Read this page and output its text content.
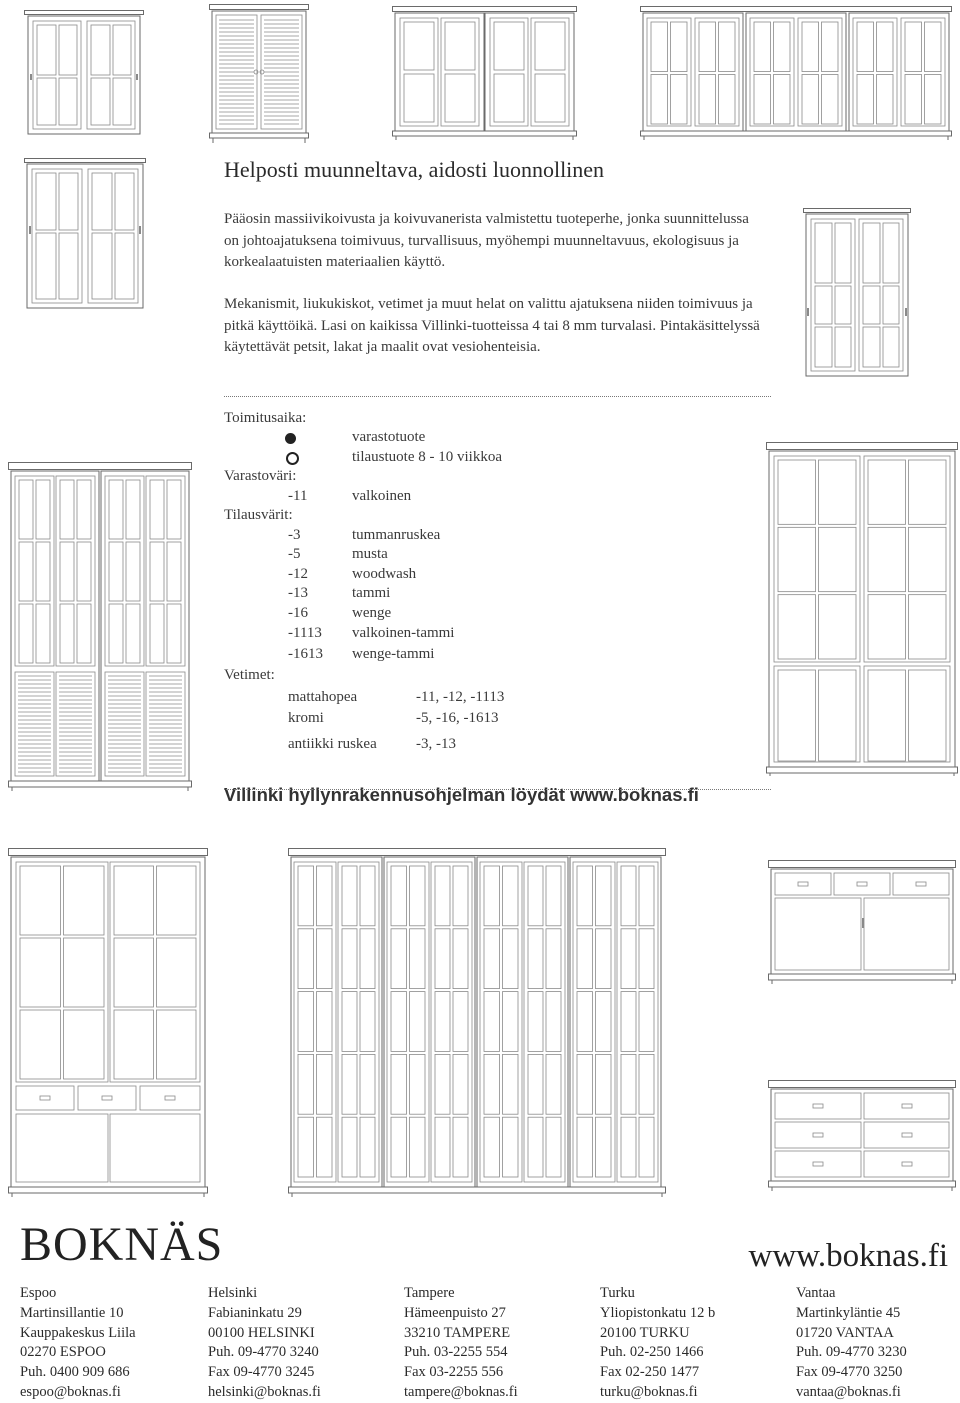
Helposti muunneltava, aidosti luonnollinen
Pääosin massiivikoivusta ja koivuvanerista valmistettu tuoteperhe, jonka suunnittelussa on johtoajatuksena toimivuus, turvallisuus, myöhempi muunneltavuus, ekologisuus ja korkealaatuisten materiaalien käyttö.
Mekanismit, liukukiskot, vetimet ja muut helat on valittu ajatuksena niiden toimivuus ja pitkä käyttöikä. Lasi on kaikissa Villinki-tuotteissa 4 tai 8 mm turvalasi. Pintakäsittelyssä käytettävät petsit, lakat ja maalit ovat vesiohenteisia.
Toimitusaika:
varastotuote
tilaustuote 8 - 10 viikkoa
Varastoväri:
-11	valkoinen
Tilausvärit:
-3	tummanruskea
-5	musta
-12	woodwash
-13	tammi
-16	wenge
-1113 valkoinen-tammi
-1613 wenge-tammi
Vetimet:
mattahopea	-11, -12, -1113
kromi	-5, -16, -1613
antiikki ruskea	-3, -13
Villinki hyllynrakennusohjelman löydät www.boknas.fi
BOKNÄS	www.boknas.fi
Espoo
Martinsillantie 10
Kauppakeskus Liila
02270 ESPOO
Puh. 0400 909 686
espoo@boknas.fi
Helsinki
Fabianinkatu 29
00100 HELSINKI
Puh. 09-4770 3240
Fax 09-4770 3245
helsinki@boknas.fi
Tampere
Hämeenpuisto 27
33210 TAMPERE
Puh. 03-2255 554
Fax 03-2255 556
tampere@boknas.fi
Turku
Yliopistonkatu 12 b
20100 TURKU
Puh. 02-250 1466
Fax 02-250 1477
turku@boknas.fi
Vantaa
Martinkyläntie 45
01720 VANTAA
Puh. 09-4770 3230
Fax 09-4770 3250
vantaa@boknas.fi
